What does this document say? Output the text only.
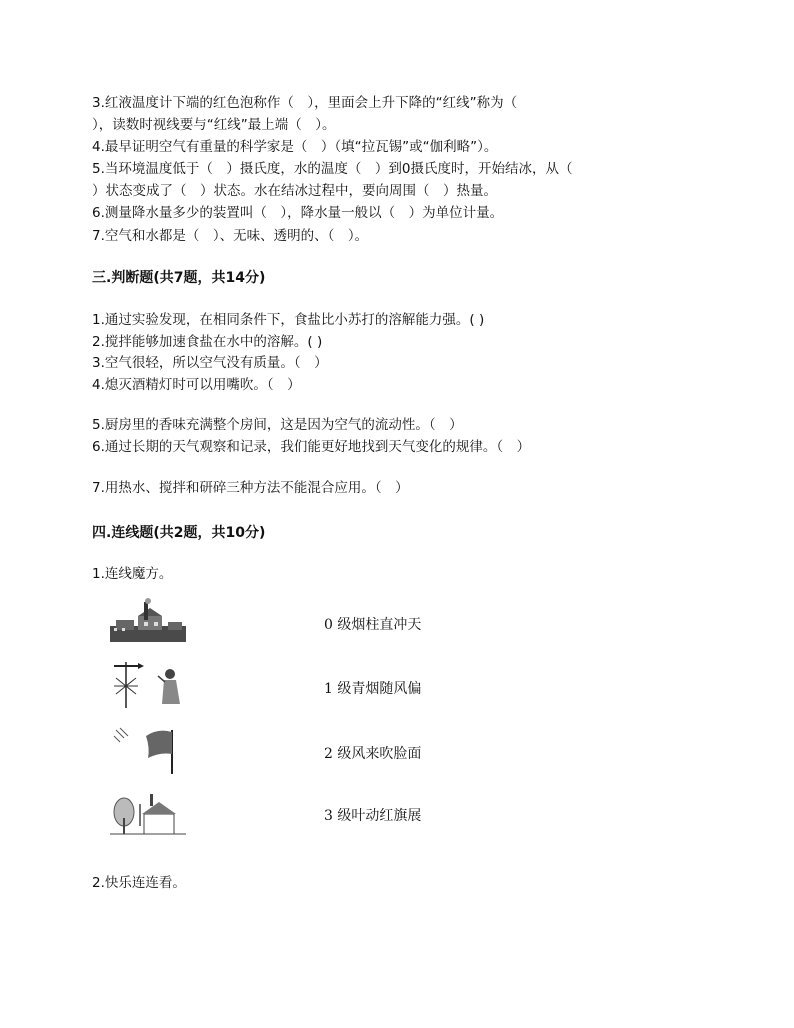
3.红液温度计下端的红色泡称作（　），里面会上升下降的“红线”称为（
），读数时视线要与“红线”最上端（　）。
4.最早证明空气有重量的科学家是（　）（填“拉瓦锡”或“伽利略”）。
5.当环境温度低于（　）摄氏度，水的温度（　）到0摄氏度时，开始结冰，从（
）状态变成了（　）状态。水在结冰过程中，要向周围（　）热量。
6.测量降水量多少的装置叫（　），降水量一般以（　）为单位计量。
7.空气和水都是（　）、无味、透明的、（　）。
三.判断题(共7题，共14分)
1.通过实验发现，在相同条件下，食盐比小苏打的溶解能力强。( )
2.搅拌能够加速食盐在水中的溶解。( )
3.空气很轻，所以空气没有质量。（　）
4.熄灭酒精灯时可以用嘴吹。（　）
5.厨房里的香味充满整个房间，这是因为空气的流动性。（　）
6.通过长期的天气观察和记录，我们能更好地找到天气变化的规律。（　）
7.用热水、搅拌和研碎三种方法不能混合应用。（　）
四.连线题(共2题，共10分)
1.连线魔方。
0 级烟柱直冲天
1 级青烟随风偏
2 级风来吹脸面
3 级叶动红旗展
2.快乐连连看。
